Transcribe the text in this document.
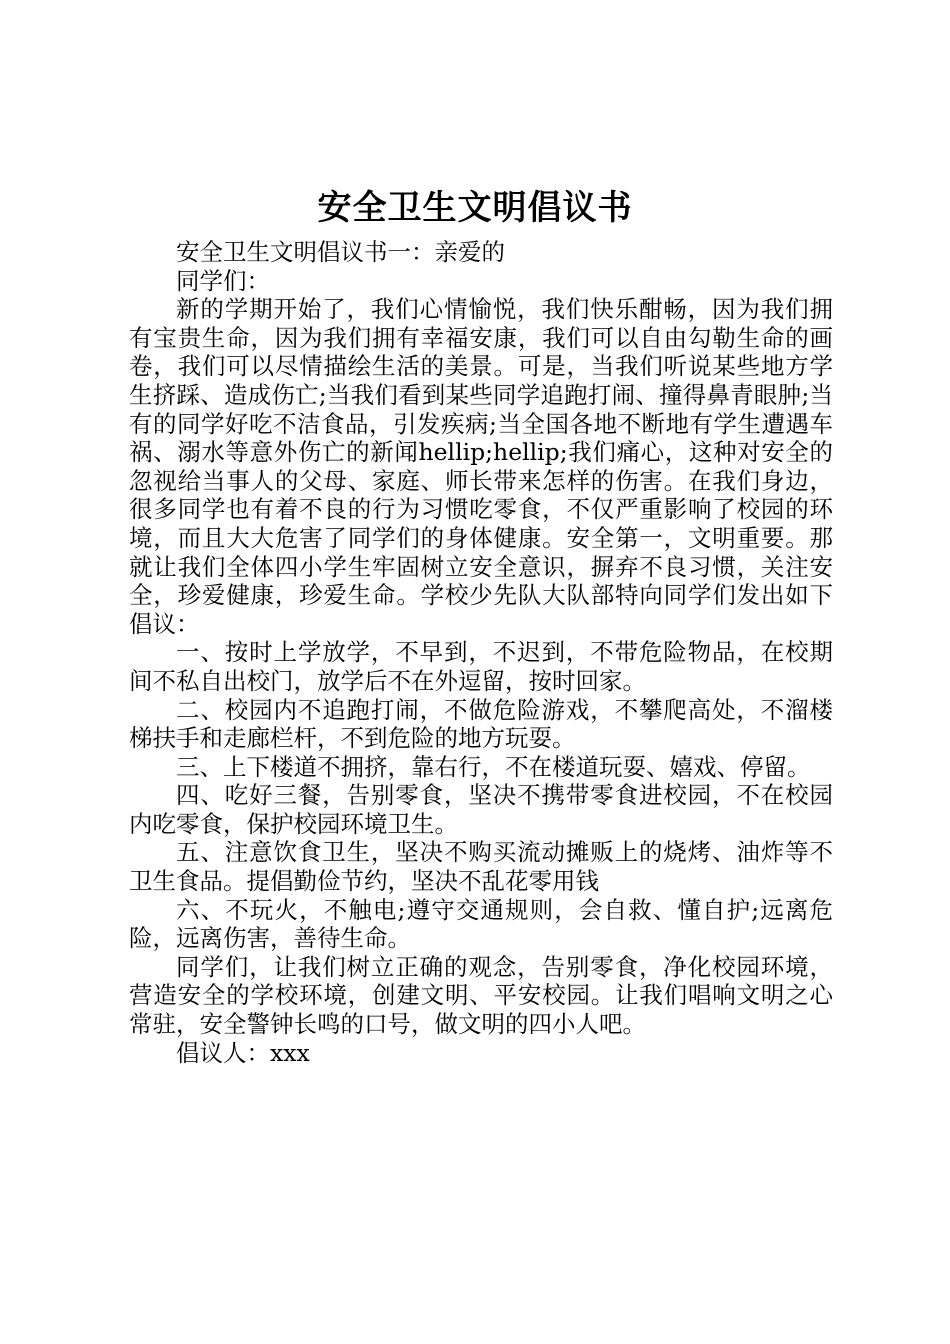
安全卫生文明倡议书

安全卫生文明倡议书一：亲爱的

同学们：

新的学期开始了，我们心情愉悦，我们快乐酣畅，因为我们拥有宝贵生命，因为我们拥有幸福安康，我们可以自由勾勒生命的画卷，我们可以尽情描绘生活的美景。可是，当我们听说某些地方学生挤踩、造成伤亡;当我们看到某些同学追跑打闹、撞得鼻青眼肿;当有的同学好吃不洁食品，引发疾病;当全国各地不断地有学生遭遇车祸、溺水等意外伤亡的新闻hellip;hellip;我们痛心，这种对安全的忽视给当事人的父母、家庭、师长带来怎样的伤害。在我们身边，很多同学也有着不良的行为习惯吃零食，不仅严重影响了校园的环境，而且大大危害了同学们的身体健康。安全第一，文明重要。那就让我们全体四小学生牢固树立安全意识，摒弃不良习惯，关注安全，珍爱健康，珍爱生命。学校少先队大队部特向同学们发出如下倡议：

一、按时上学放学，不早到，不迟到，不带危险物品，在校期间不私自出校门，放学后不在外逗留，按时回家。

二、校园内不追跑打闹，不做危险游戏，不攀爬高处，不溜楼梯扶手和走廊栏杆，不到危险的地方玩耍。

三、上下楼道不拥挤，靠右行，不在楼道玩耍、嬉戏、停留。

四、吃好三餐，告别零食，坚决不携带零食进校园，不在校园内吃零食，保护校园环境卫生。

五、注意饮食卫生，坚决不购买流动摊贩上的烧烤、油炸等不卫生食品。提倡勤俭节约，坚决不乱花零用钱

六、不玩火，不触电;遵守交通规则，会自救、懂自护;远离危险，远离伤害，善待生命。

同学们，让我们树立正确的观念，告别零食，净化校园环境，营造安全的学校环境，创建文明、平安校园。让我们唱响文明之心常驻，安全警钟长鸣的口号，做文明的四小人吧。

倡议人：xxx
